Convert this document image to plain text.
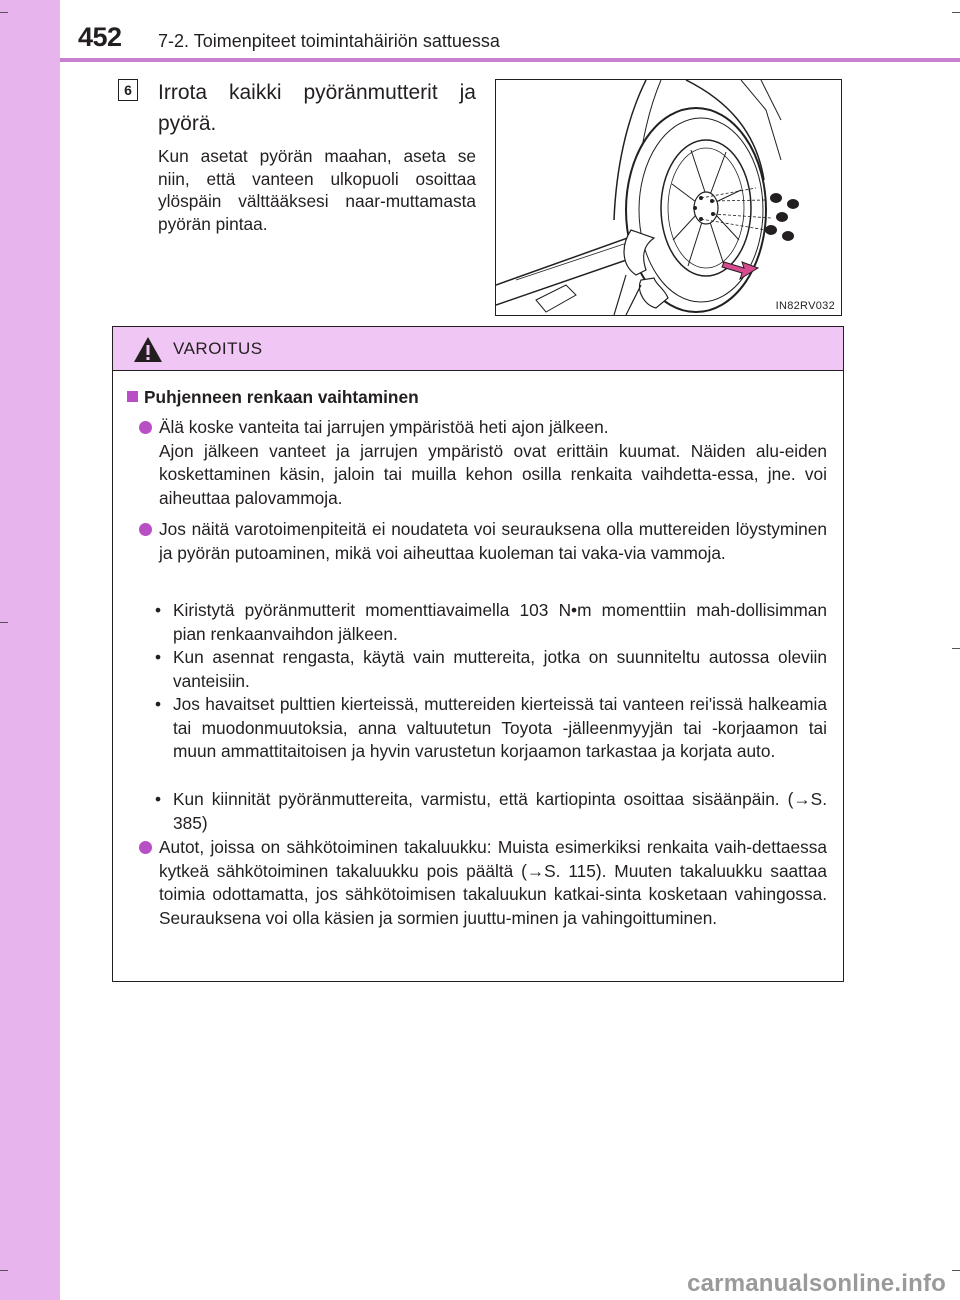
452 7-2. Toimenpiteet toimintahäiriön sattuessa
6 Irrota kaikki pyöränmutterit ja pyörä.
Kun asetat pyörän maahan, aseta se niin, että vanteen ulkopuoli osoittaa ylöspäin välttääksesi naar-muttamasta pyörän pintaa.
IN82RV032
VAROITUS
Puhjenneen renkaan vaihtaminen

Älä koske vanteita tai jarrujen ympäristöä heti ajon jälkeen.

Ajon jälkeen vanteet ja jarrujen ympäristö ovat erittäin kuumat. Näiden alu-eiden koskettaminen käsin, jaloin tai muilla kehon osilla renkaita vaihdetta-essa, jne. voi aiheuttaa palovammoja.

Jos näitä varotoimenpiteitä ei noudateta voi seurauksena olla muttereiden löystyminen ja pyörän putoaminen, mikä voi aiheuttaa kuoleman tai vaka-via vammoja.

• Kiristytä pyöränmutterit momenttiavaimella 103 N•m momenttiin mah-dollisimman pian renkaanvaihdon jälkeen.
• Kun asennat rengasta, käytä vain muttereita, jotka on suunniteltu autossa oleviin vanteisiin.
• Jos havaitset pulttien kierteissä, muttereiden kierteissä tai vanteen rei'issä halkeamia tai muodonmuutoksia, anna valtuutetun Toyota -jälleenmyyjän tai -korjaamon tai muun ammattitaitoisen ja hyvin varustetun korjaamon tarkastaa ja korjata auto.
• Kun kiinnität pyöränmuttereita, varmistu, että kartiopinta osoittaa sisäänpäin. (→S. 385)

Autot, joissa on sähkötoiminen takaluukku: Muista esimerkiksi renkaita vaih-dettaessa kytkeä sähkötoiminen takaluukku pois päältä (→S. 115). Muuten takaluukku saattaa toimia odottamatta, jos sähkötoimisen takaluukun katkai-sinta kosketaan vahingossa. Seurauksena voi olla käsien ja sormien juuttu-minen ja vahingoittuminen.

carmanualsonline.info
